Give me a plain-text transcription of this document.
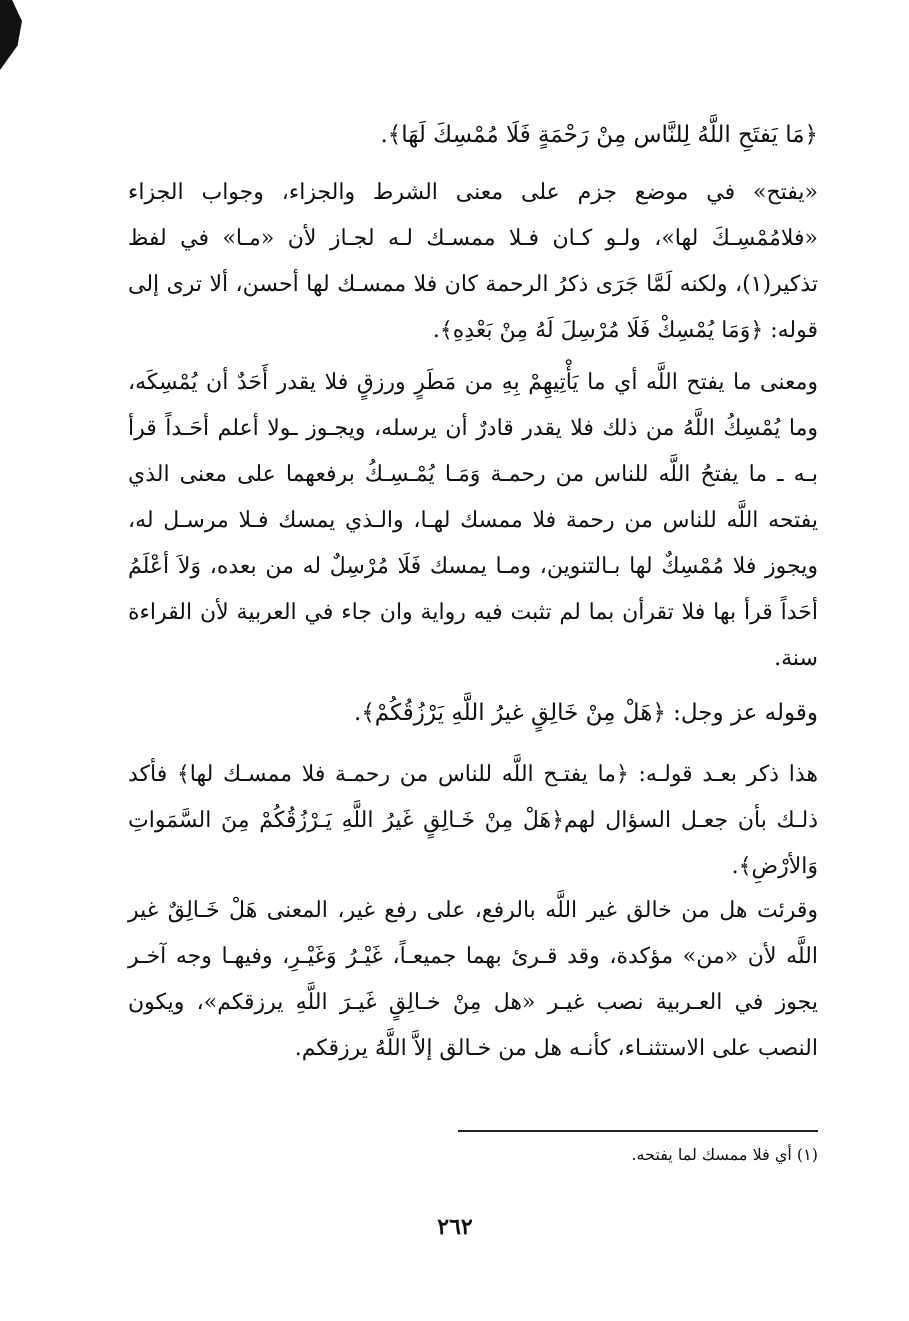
﴿مَا يَفتَحِ اللَّهُ لِلنَّاس مِنْ رَحْمَةٍ فَلَا مُمْسِكَ لَهَا﴾.

«يفتح» في موضع جزم على معنى الشرط والجزاء، وجواب الجزاء «فلامُمْسِـكَ لها»، ولـو كـان فـلا ممسـك لـه لجـاز لأن «مـا» في لفظ تذكير(١)، ولكنه لَمَّا جَرَى ذكرُ الرحمة كان فلا ممسـك لها أحسن، ألا ترى إلى قوله: ﴿وَمَا يُمْسِكْ فَلَا مُرْسِلَ لَهُ مِنْ بَعْدِهِ﴾.

ومعنى ما يفتح اللَّه أي ما يَأْتِيهِمْ بِهِ من مَطَرٍ ورزقٍ فلا يقدر أَحَدٌ أن يُمْسِكَه، وما يُمْسِكُ اللَّهُ من ذلك فلا يقدر قادرٌ أن يرسله، ويجـوز ـولا أعلم أحَـداً قرأ بـه ـ ما يفتحُ اللَّه للناس من رحمـة وَمَـا يُمْـسِـكُ برفعهما على معنى الذي يفتحه اللَّه للناس من رحمة فلا ممسك لهـا، والـذي يمسك فـلا مرسـل له، ويجوز فلا مُمْسِكٌ لها بـالتنوين، ومـا يمسك فَلَا مُرْسِلٌ له من بعده، وَلاَ أعْلَمُ أحَداً قرأ بها فلا تقرأن بما لم تثبت فيه رواية وان جاء في العربية لأن القراءة سنة.

وقوله عز وجل: ﴿هَلْ مِنْ خَالِقٍ غيرُ اللَّهِ يَرْزُقُكُمْ﴾.

هذا ذكر بعـد قولـه: ﴿ما يفتـح اللَّه للناس من رحمـة فلا ممسـك لها﴾ فأكد ذلـك بأن جعـل السؤال لهم﴿هَلْ مِنْ خَـالِقٍ غَيرُ اللَّهِ يَـرْزُقُكُمْ مِنَ السَّمَواتِ وَالأرْضِ﴾.

وقرئت هل من خالق غير اللَّه بالرفع، على رفع غير، المعنى هَلْ خَـالِقٌ غير اللَّه لأن «من» مؤكدة، وقد قـرئ بهما جميعـاً، غَيْـرُ وَغَيْـرِ، وفيهـا وجه آخـر يجوز في العـربية نصب غيـر «هل مِنْ خـالِقٍ غَيـرَ اللَّهِ يرزقكم»، ويكون النصب على الاستثنـاء، كأنـه هل من خـالق إلاَّ اللَّهُ يرزقكم.

(١) أي فلا ممسك لما يفتحه.
٢٦٢
